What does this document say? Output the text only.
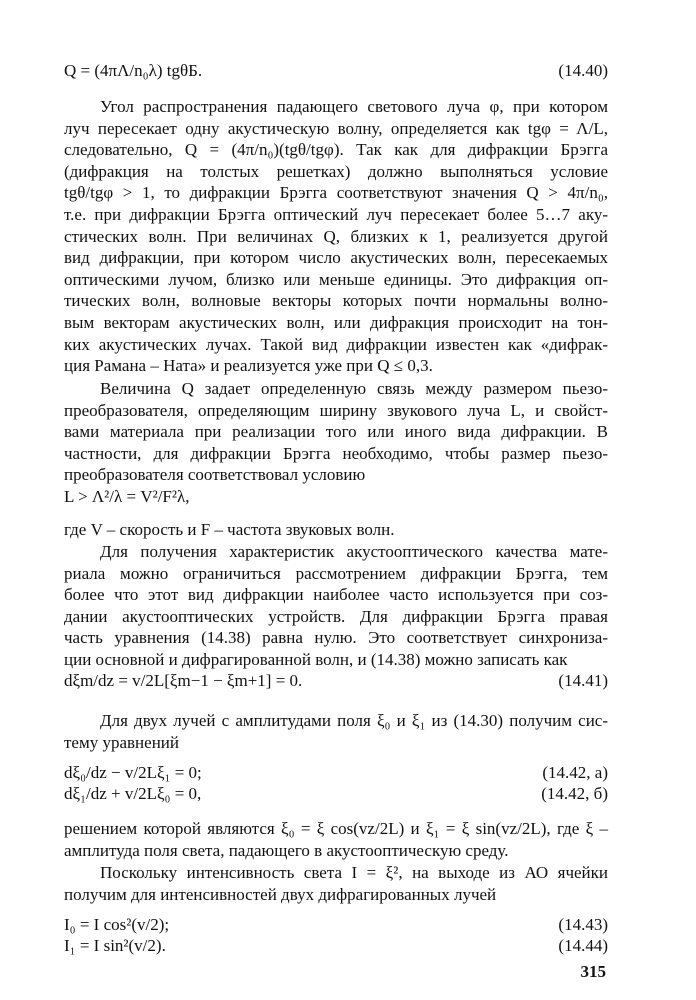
Q = (4πΛ/n₀λ) tgθБ.	(14.40)
Угол распространения падающего светового луча φ, при котором
луч пересекает одну акустическую волну, определяется как tgφ = Λ/L,
следовательно, Q = (4π/n₀)(tgθ/tgφ). Так как для дифракции Брэгга
(дифракция на толстых решетках) должно выполняться условие
tgθ/tgφ > 1, то дифракции Брэгга соответствуют значения Q > 4π/n₀,
т.е. при дифракции Брэгга оптический луч пересекает более 5…7 аку-
стических волн. При величинах Q, близких к 1, реализуется другой
вид дифракции, при котором число акустических волн, пересекаемых
оптическими лучом, близко или меньше единицы. Это дифракция оп-
тических волн, волновые векторы которых почти нормальны волно-
вым векторам акустических волн, или дифракция происходит на тон-
ких акустических лучах. Такой вид дифракции известен как «дифрак-
ция Рамана – Ната» и реализуется уже при Q ≤ 0,3.
Величина Q задает определенную связь между размером пьезо-
преобразователя, определяющим ширину звукового луча L, и свойст-
вами материала при реализации того или иного вида дифракции. В
частности, для дифракции Брэгга необходимо, чтобы размер пьезо-
преобразователя соответствовал условию
L > Λ²/λ = V²/F²λ,
где V – скорость и F – частота звуковых волн.
Для получения характеристик акустооптического качества мате-
риала можно ограничиться рассмотрением дифракции Брэгга, тем
более что этот вид дифракции наиболее часто используется при соз-
дании акустооптических устройств. Для дифракции Брэгга правая
часть уравнения (14.38) равна нулю. Это соответствует синхрониза-
ции основной и дифрагированной волн, и (14.38) можно записать как
dξm/dz = v/2L[ξm−1 − ξm+1] = 0.	(14.41)
Для двух лучей с амплитудами поля ξ₀ и ξ₁ из (14.30) получим сис-
тему уравнений
dξ₀/dz − v/2Lξ₁ = 0;	(14.42, а)
dξ₁/dz + v/2Lξ₀ = 0,	(14.42, б)
решением которой являются ξ₀ = ξ cos(vz/2L) и ξ₁ = ξ sin(vz/2L), где ξ –
амплитуда поля света, падающего в акустооптическую среду.
Поскольку интенсивность света I = ξ², на выходе из АО ячейки
получим для интенсивностей двух дифрагированных лучей
I₀ = I cos²(v/2);	(14.43)
I₁ = I sin²(v/2).	(14.44)
315
